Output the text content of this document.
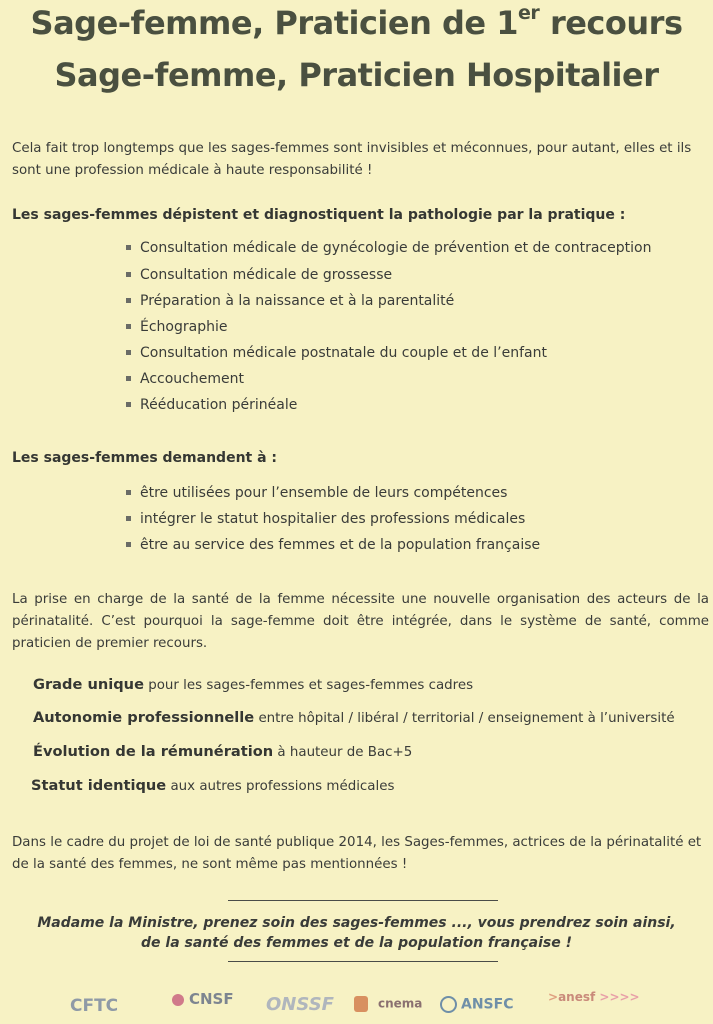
Sage-femme, Praticien de 1er recours
Sage-femme, Praticien Hospitalier
Cela fait trop longtemps que les sages-femmes sont invisibles et méconnues, pour autant, elles et ils sont une profession médicale à haute responsabilité !
Les sages-femmes dépistent et diagnostiquent la pathologie par la pratique :
Consultation médicale de gynécologie de prévention et de contraception
Consultation médicale de grossesse
Préparation à la naissance et à la parentalité
Échographie
Consultation médicale postnatale du couple et de l’enfant
Accouchement
Rééducation périnéale
Les sages-femmes demandent à :
être utilisées pour l’ensemble de leurs compétences
intégrer le statut hospitalier des professions médicales
être au service des femmes et de la population française
La prise en charge de la santé de la femme nécessite une nouvelle organisation des acteurs de la périnatalité. C’est pourquoi la sage-femme doit être intégrée, dans le système de santé, comme praticien de premier recours.
Grade unique pour les sages-femmes et sages-femmes cadres
Autonomie professionnelle entre hôpital / libéral / territorial / enseignement à l’université
Évolution de la rémunération à hauteur de Bac+5
Statut identique aux autres professions médicales
Dans le cadre du projet de loi de santé publique 2014, les Sages-femmes, actrices de la périnatalité et de la santé des femmes, ne sont même pas mentionnées !
Madame la Ministre, prenez soin des sages-femmes ..., vous prendrez soin ainsi,
de la santé des femmes et de la population française !
CFTC	CNSF ONSSF	cnema	ANSFC	>anesf >>>>
